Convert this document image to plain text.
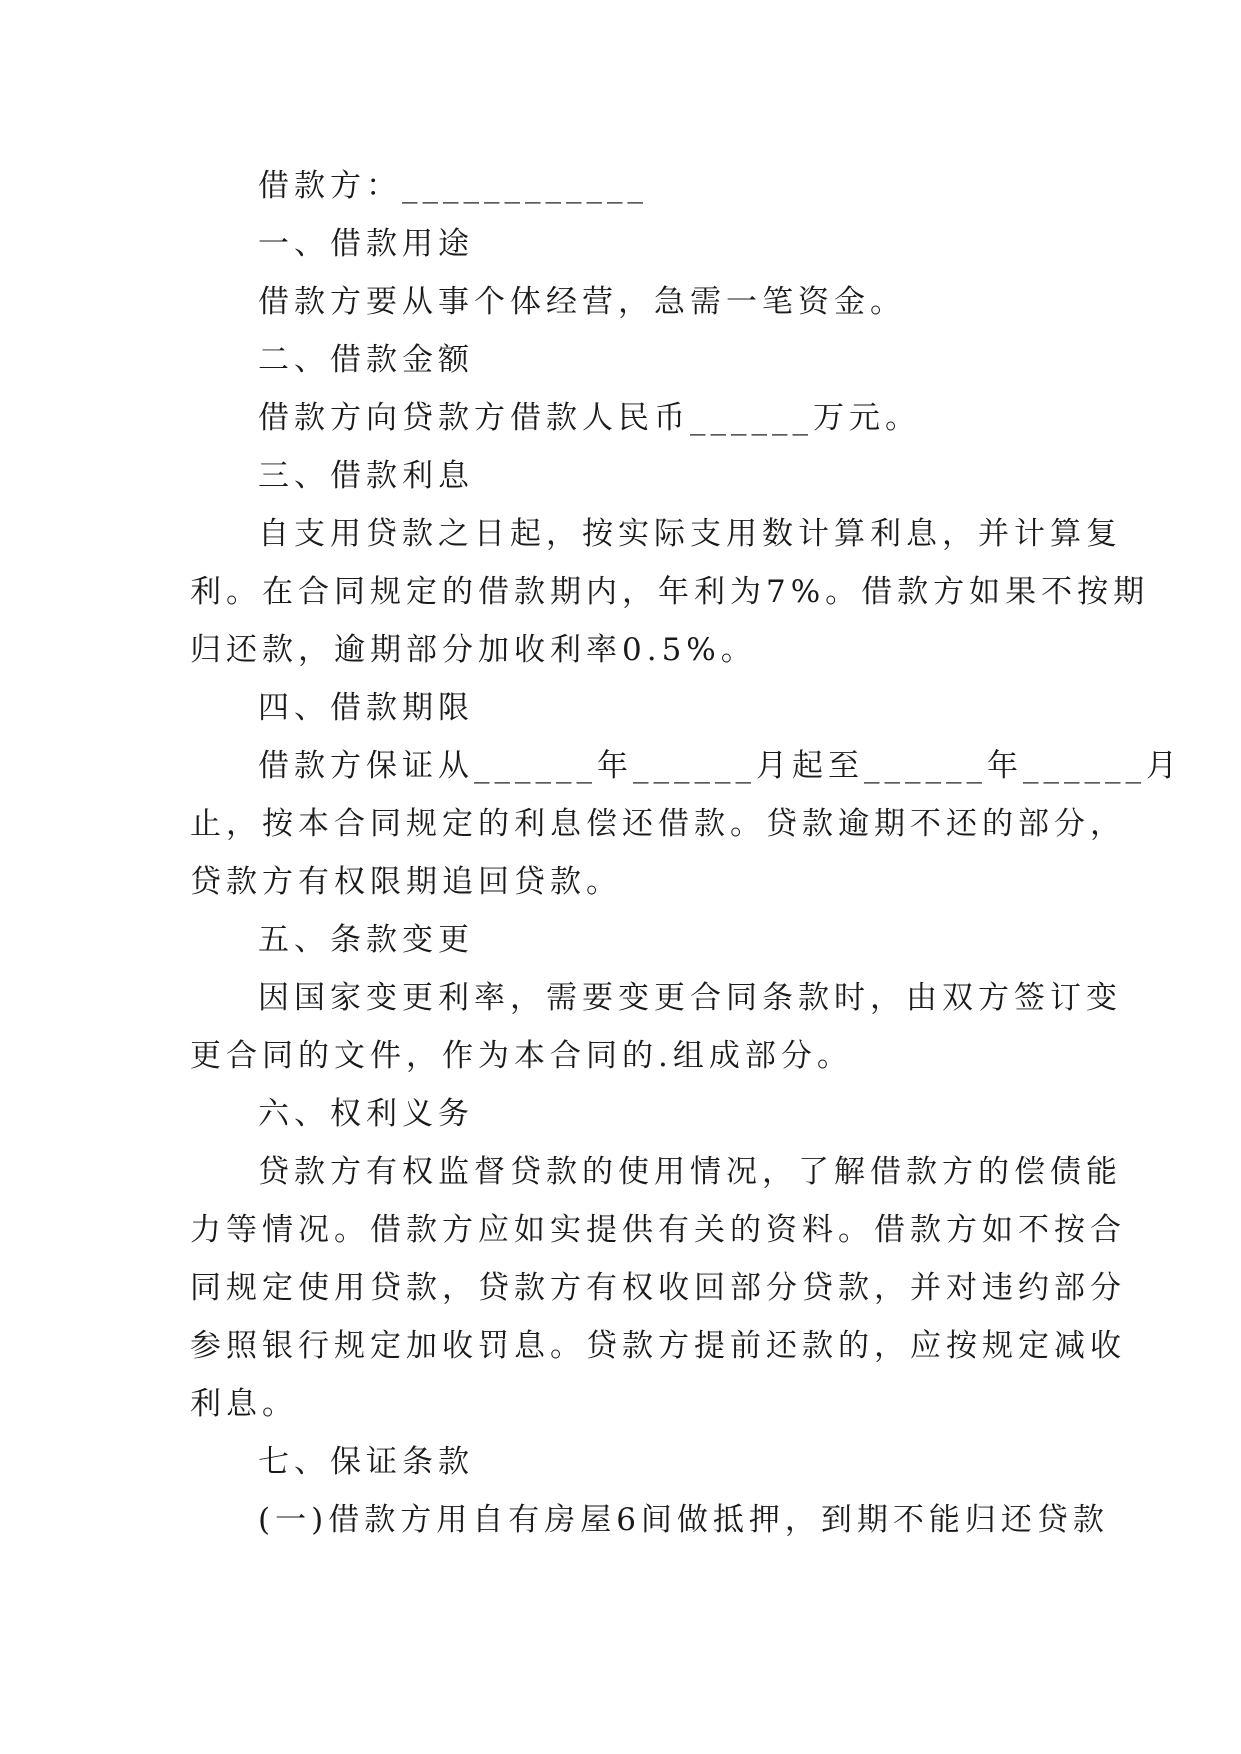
借款方：____________

一、借款用途

借款方要从事个体经营，急需一笔资金。

二、借款金额

借款方向贷款方借款人民币______万元。

三、借款利息

自支用贷款之日起，按实际支用数计算利息，并计算复

利。在合同规定的借款期内，年利为7%。借款方如果不按期

归还款，逾期部分加收利率0.5%。

四、借款期限

借款方保证从______年______月起至______年______月

止，按本合同规定的利息偿还借款。贷款逾期不还的部分，

贷款方有权限期追回贷款。

五、条款变更

因国家变更利率，需要变更合同条款时，由双方签订变

更合同的文件，作为本合同的.组成部分。

六、权利义务

贷款方有权监督贷款的使用情况，了解借款方的偿债能

力等情况。借款方应如实提供有关的资料。借款方如不按合

同规定使用贷款，贷款方有权收回部分贷款，并对违约部分

参照银行规定加收罚息。贷款方提前还款的，应按规定减收

利息。

七、保证条款

(一)借款方用自有房屋6间做抵押，到期不能归还贷款
